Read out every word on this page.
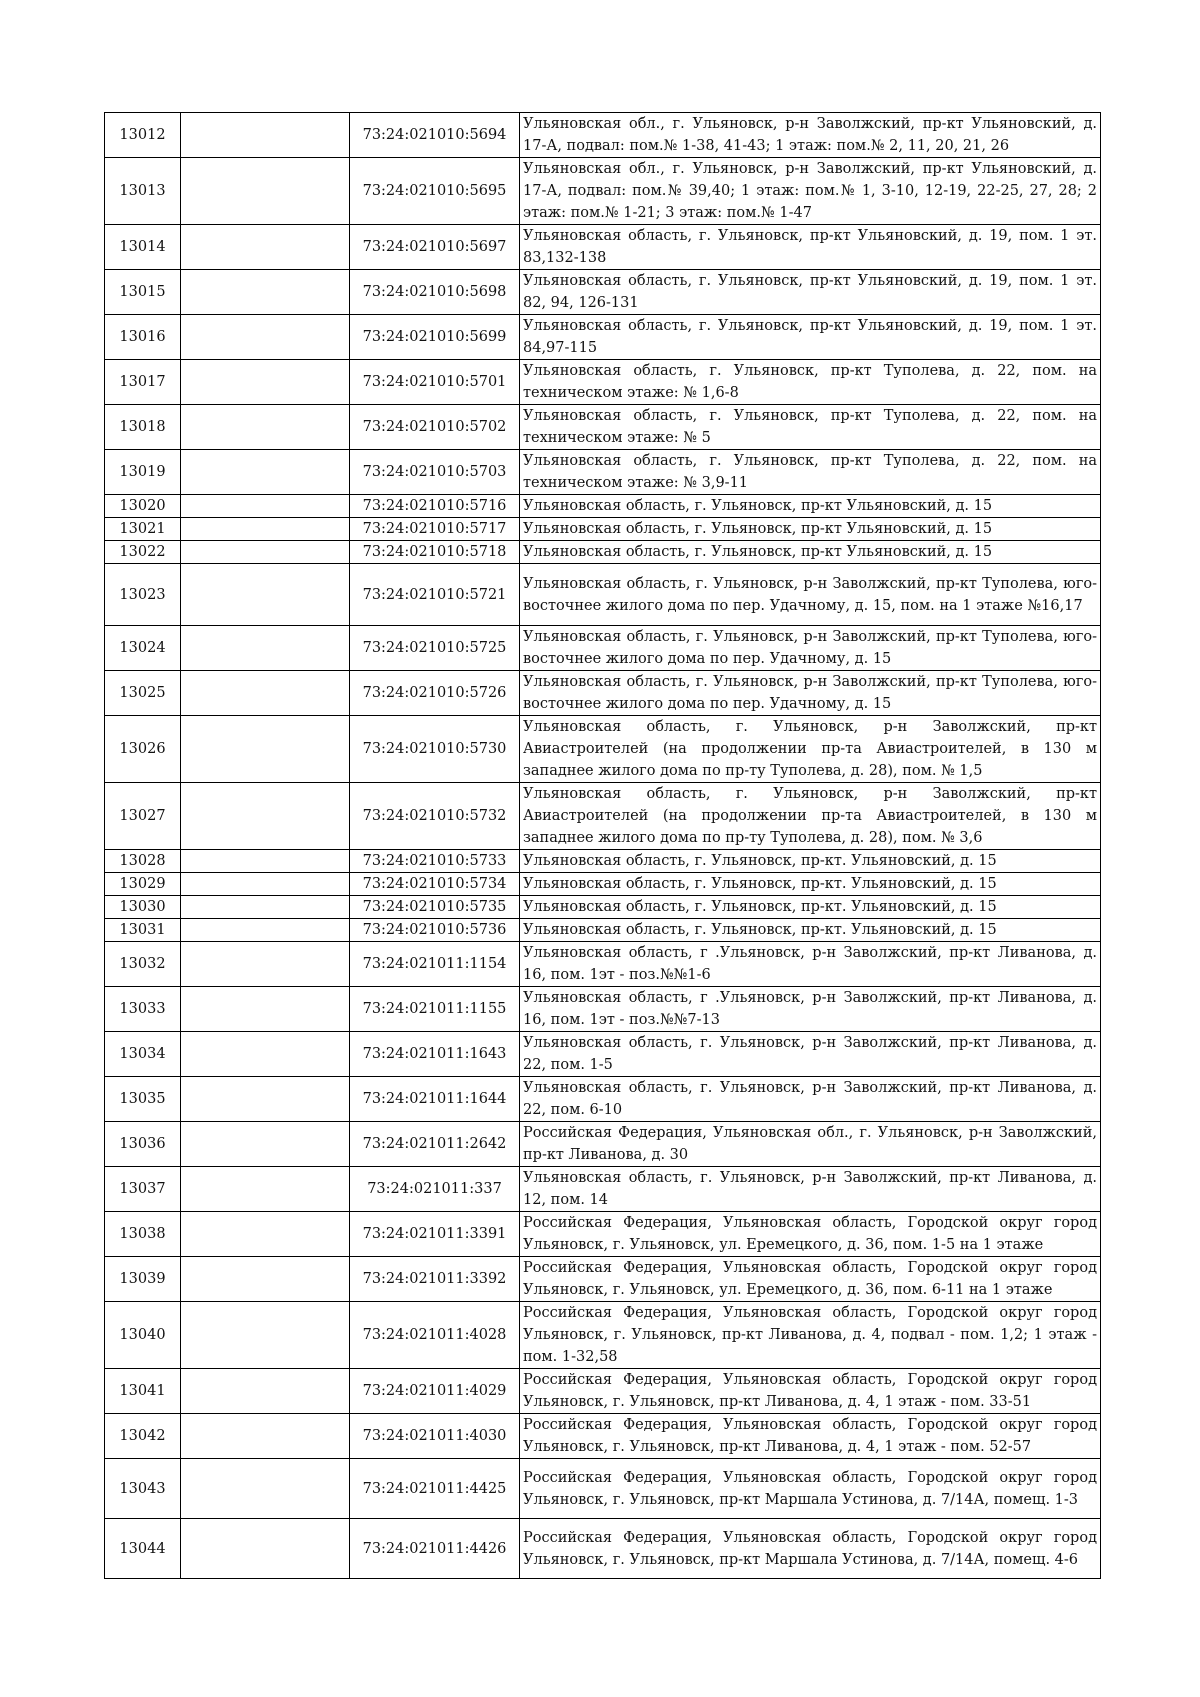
13012		73:24:021010:5694	Ульяновская обл., г. Ульяновск, р-н Заволжский, пр-кт Ульяновский, д. 17-А, подвал: пом.№ 1-38, 41-43; 1 этаж: пом.№ 2, 11, 20, 21, 26
13013		73:24:021010:5695	Ульяновская обл., г. Ульяновск, р-н Заволжский, пр-кт Ульяновский, д. 17-А, подвал: пом.№ 39,40; 1 этаж: пом.№ 1, 3-10, 12-19, 22-25, 27, 28; 2 этаж: пом.№ 1-21; 3 этаж: пом.№ 1-47
13014		73:24:021010:5697	Ульяновская область, г. Ульяновск, пр-кт Ульяновский, д. 19, пом. 1 эт. 83,132-138
13015		73:24:021010:5698	Ульяновская область, г. Ульяновск, пр-кт Ульяновский, д. 19, пом. 1 эт. 82, 94, 126-131
13016		73:24:021010:5699	Ульяновская область, г. Ульяновск, пр-кт Ульяновский, д. 19, пом. 1 эт. 84,97-115
13017		73:24:021010:5701	Ульяновская область, г. Ульяновск, пр-кт Туполева, д. 22, пом. на техническом этаже: № 1,6-8
13018		73:24:021010:5702	Ульяновская область, г. Ульяновск, пр-кт Туполева, д. 22, пом. на техническом этаже: № 5
13019		73:24:021010:5703	Ульяновская область, г. Ульяновск, пр-кт Туполева, д. 22, пом. на техническом этаже: № 3,9-11
13020		73:24:021010:5716	Ульяновская область, г. Ульяновск, пр-кт Ульяновский, д. 15
13021		73:24:021010:5717	Ульяновская область, г. Ульяновск, пр-кт Ульяновский, д. 15
13022		73:24:021010:5718	Ульяновская область, г. Ульяновск, пр-кт Ульяновский, д. 15
13023		73:24:021010:5721	Ульяновская область, г. Ульяновск, р-н Заволжский, пр-кт Туполева, юго-восточнее жилого дома по пер. Удачному, д. 15, пом. на 1 этаже №16,17
13024		73:24:021010:5725	Ульяновская область, г. Ульяновск, р-н Заволжский, пр-кт Туполева, юго-восточнее жилого дома по пер. Удачному, д. 15
13025		73:24:021010:5726	Ульяновская область, г. Ульяновск, р-н Заволжский, пр-кт Туполева, юго-восточнее жилого дома по пер. Удачному, д. 15
13026		73:24:021010:5730	Ульяновская область, г. Ульяновск, р-н Заволжский, пр-кт Авиастроителей (на продолжении пр-та Авиастроителей, в 130 м западнее жилого дома по пр-ту Туполева, д. 28), пом. № 1,5
13027		73:24:021010:5732	Ульяновская область, г. Ульяновск, р-н Заволжский, пр-кт Авиастроителей (на продолжении пр-та Авиастроителей, в 130 м западнее жилого дома по пр-ту Туполева, д. 28), пом. № 3,6
13028		73:24:021010:5733	Ульяновская область, г. Ульяновск, пр-кт. Ульяновский, д. 15
13029		73:24:021010:5734	Ульяновская область, г. Ульяновск, пр-кт. Ульяновский, д. 15
13030		73:24:021010:5735	Ульяновская область, г. Ульяновск, пр-кт. Ульяновский, д. 15
13031		73:24:021010:5736	Ульяновская область, г. Ульяновск, пр-кт. Ульяновский, д. 15
13032		73:24:021011:1154	Ульяновская область, г .Ульяновск, р-н Заволжский, пр-кт Ливанова, д. 16, пом. 1эт - поз.№№1-6
13033		73:24:021011:1155	Ульяновская область, г .Ульяновск, р-н Заволжский, пр-кт Ливанова, д. 16, пом. 1эт - поз.№№7-13
13034		73:24:021011:1643	Ульяновская область, г. Ульяновск, р-н Заволжский, пр-кт Ливанова, д. 22, пом. 1-5
13035		73:24:021011:1644	Ульяновская область, г. Ульяновск, р-н Заволжский, пр-кт Ливанова, д. 22, пом. 6-10
13036		73:24:021011:2642	Российская Федерация, Ульяновская обл., г. Ульяновск, р-н Заволжский, пр-кт Ливанова, д. 30
13037		73:24:021011:337	Ульяновская область, г. Ульяновск, р-н Заволжский, пр-кт Ливанова, д. 12, пом. 14
13038		73:24:021011:3391	Российская Федерация, Ульяновская область, Городской округ город Ульяновск, г. Ульяновск, ул. Еремецкого, д. 36, пом. 1-5 на 1 этаже
13039		73:24:021011:3392	Российская Федерация, Ульяновская область, Городской округ город Ульяновск, г. Ульяновск, ул. Еремецкого, д. 36, пом. 6-11 на 1 этаже
13040		73:24:021011:4028	Российская Федерация, Ульяновская область, Городской округ город Ульяновск, г. Ульяновск, пр-кт Ливанова, д. 4, подвал - пом. 1,2; 1 этаж - пом. 1-32,58
13041		73:24:021011:4029	Российская Федерация, Ульяновская область, Городской округ город Ульяновск, г. Ульяновск, пр-кт Ливанова, д. 4, 1 этаж - пом. 33-51
13042		73:24:021011:4030	Российская Федерация, Ульяновская область, Городской округ город Ульяновск, г. Ульяновск, пр-кт Ливанова, д. 4, 1 этаж - пом. 52-57
13043		73:24:021011:4425	Российская Федерация, Ульяновская область, Городской округ город Ульяновск, г. Ульяновск, пр-кт Маршала Устинова, д. 7/14А, помещ. 1-3
13044		73:24:021011:4426	Российская Федерация, Ульяновская область, Городской округ город Ульяновск, г. Ульяновск, пр-кт Маршала Устинова, д. 7/14А, помещ. 4-6
